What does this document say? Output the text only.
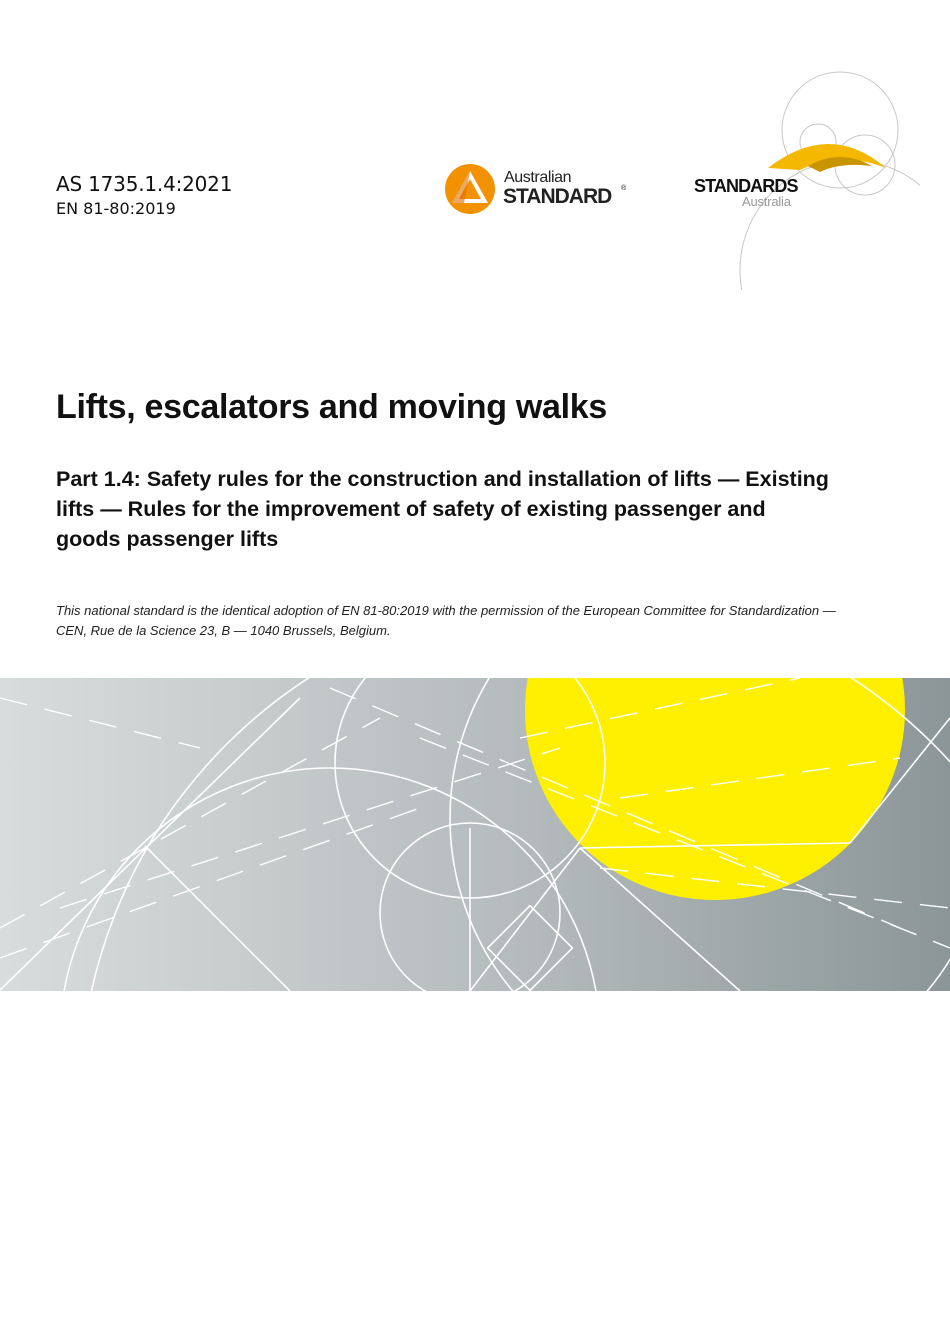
AS 1735.1.4:2021
EN 81-80:2019
Australian
STANDARD ®	STANDARDS
Australia
Lifts, escalators and moving walks
Part 1.4: Safety rules for the construction and installation of lifts — Existing lifts — Rules for the improvement of safety of existing passenger and goods passenger lifts

This national standard is the identical adoption of EN 81-80:2019 with the permission of the European Committee for Standardization — CEN, Rue de la Science 23, B — 1040 Brussels, Belgium.
